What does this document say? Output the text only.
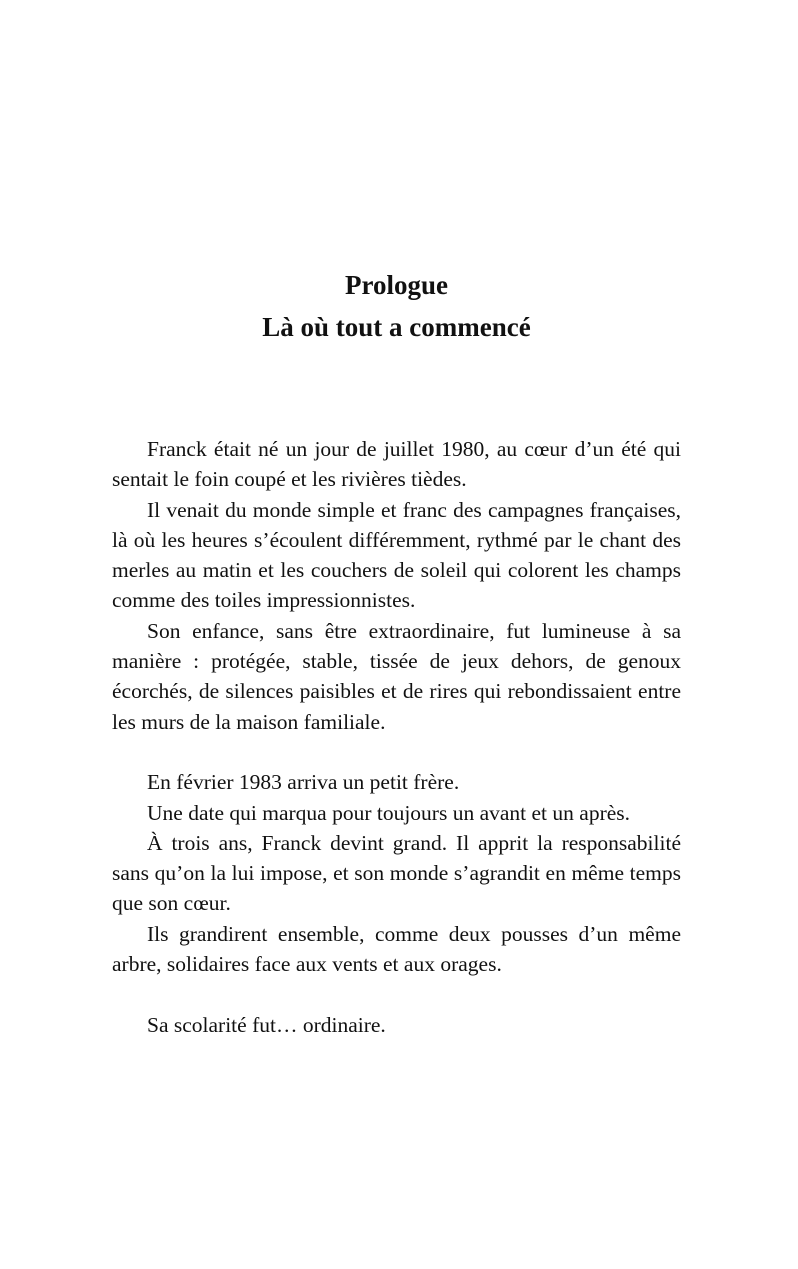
Prologue
Là où tout a commencé

Franck était né un jour de juillet 1980, au cœur d’un été qui sentait le foin coupé et les rivières tièdes.

Il venait du monde simple et franc des campagnes françaises, là où les heures s’écoulent différemment, rythmé par le chant des merles au matin et les couchers de soleil qui colorent les champs comme des toiles impressionnistes.

Son enfance, sans être extraordinaire, fut lumineuse à sa manière : protégée, stable, tissée de jeux dehors, de genoux écorchés, de silences paisibles et de rires qui rebondissaient entre les murs de la maison familiale.

En février 1983 arriva un petit frère.

Une date qui marqua pour toujours un avant et un après.

À trois ans, Franck devint grand. Il apprit la responsabilité sans qu’on la lui impose, et son monde s’agrandit en même temps que son cœur.

Ils grandirent ensemble, comme deux pousses d’un même arbre, solidaires face aux vents et aux orages.

Sa scolarité fut… ordinaire.
